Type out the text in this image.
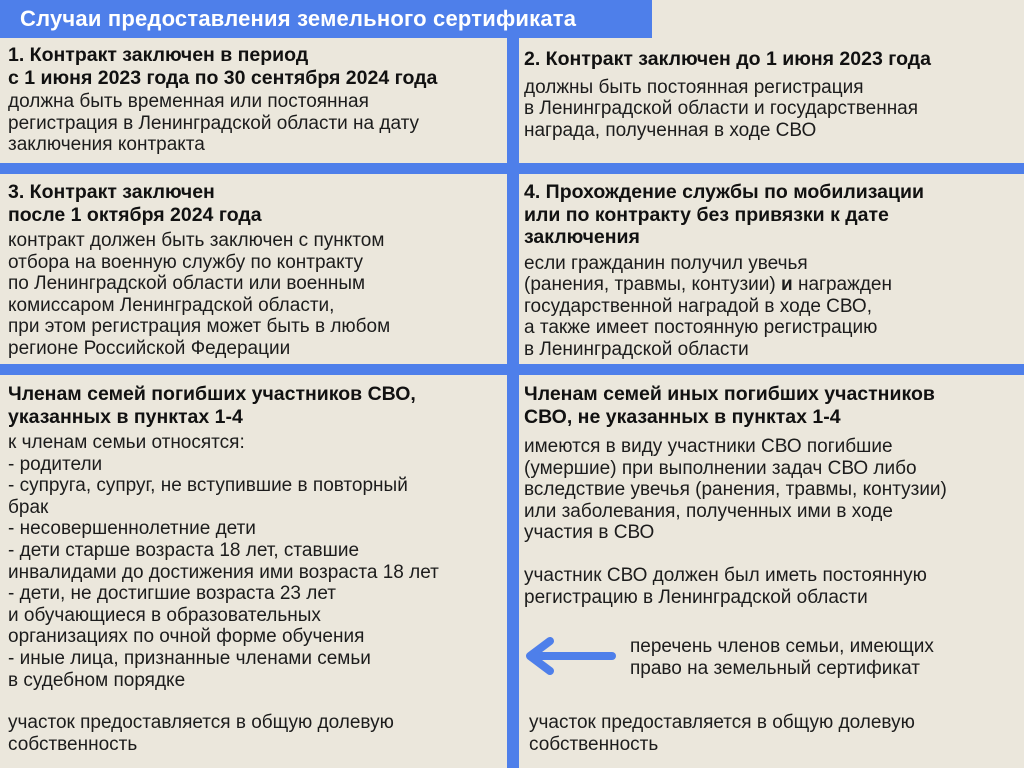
Случаи предоставления земельного сертификата
1. Контракт заключен в период
с 1 июня 2023 года по 30 сентября 2024 года

должна быть временная или постоянная
регистрация в Ленинградской области на дату
заключения контракта

2. Контракт заключен до 1 июня 2023 года

должны быть постоянная регистрация
в Ленинградской области и государственная
награда, полученная в ходе СВО

3. Контракт заключен
после 1 октября 2024 года

контракт должен быть заключен с пунктом
отбора на военную службу по контракту
по Ленинградской области или военным
комиссаром Ленинградской области,
при этом регистрация может быть в любом
регионе Российской Федерации

4. Прохождение службы по мобилизации
или по контракту без привязки к дате
заключения

если гражданин получил увечья
(ранения, травмы, контузии) и награжден
государственной наградой в ходе СВО,
а также имеет постоянную регистрацию
в Ленинградской области

Членам семей погибших участников СВО,
указанных в пунктах 1-4

к членам семьи относятся:

- родители
- супруга, супруг, не вступившие в повторный
брак
- несовершеннолетние дети
- дети старше возраста 18 лет, ставшие
инвалидами до достижения ими возраста 18 лет
- дети, не достигшие возраста 23 лет
и обучающиеся в образовательных
организациях по очной форме обучения
- иные лица, признанные членами семьи
в судебном порядке

участок предоставляется в общую долевую
собственность

Членам семей иных погибших участников
СВО, не указанных в пунктах 1-4

имеются в виду участники СВО погибшие
(умершие) при выполнении задач СВО либо
вследствие увечья (ранения, травмы, контузии)
или заболевания, полученных ими в ходе
участия в СВО

участник СВО должен был иметь постоянную
регистрацию в Ленинградской области

перечень членов семьи, имеющих
право на земельный сертификат

участок предоставляется в общую долевую
собственность
